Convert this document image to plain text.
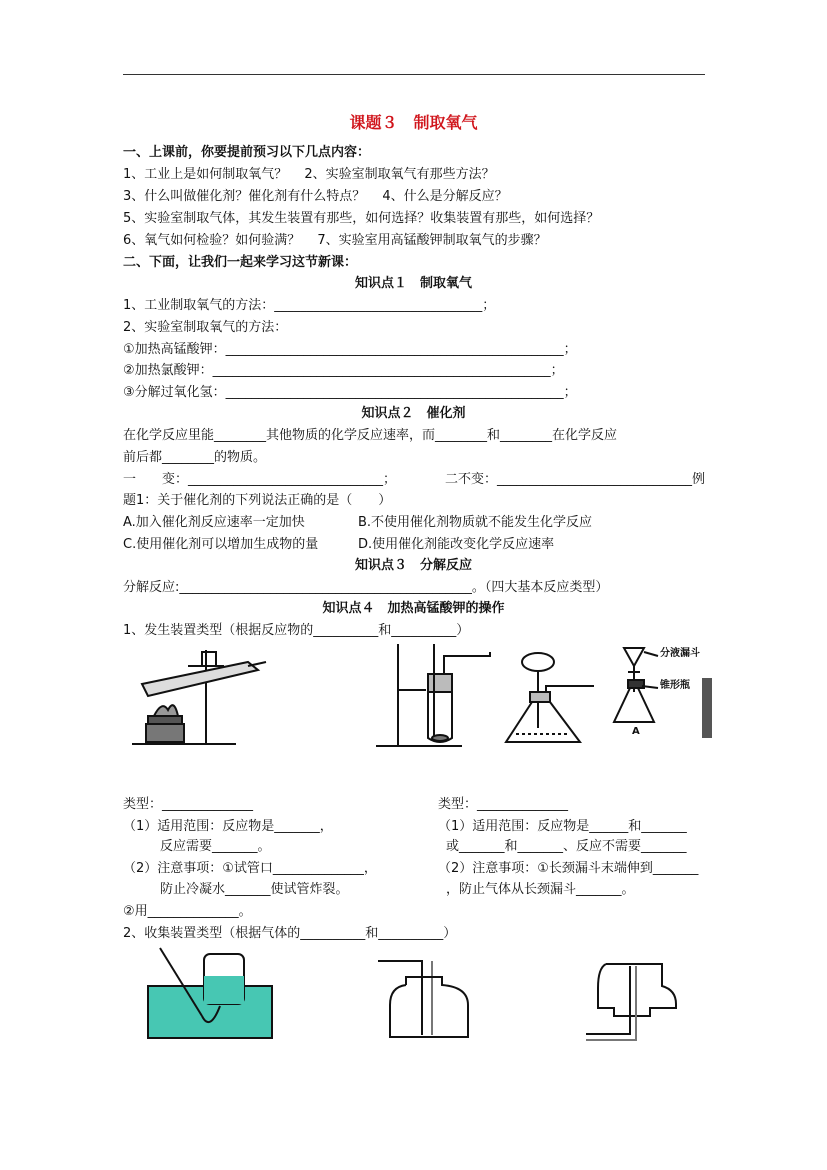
课题３　制取氧气
一、上课前，你要提前预习以下几点内容：
1、工业上是如何制取氧气？　 2、实验室制取氧气有那些方法？
3、什么叫做催化剂？催化剂有什么特点？　 4、什么是分解反应？
5、实验室制取气体，其发生装置有那些，如何选择？收集装置有那些，如何选择？
6、氧气如何检验？如何验满？　 7、实验室用高锰酸钾制取氧气的步骤？
二、下面，让我们一起来学习这节新课：
知识点１　制取氧气
1、工业制取氧气的方法：________________________________；
2、实验室制取氧气的方法：
①加热高锰酸钾：____________________________________________________；
②加热氯酸钾：____________________________________________________；
③分解过氧化氢：____________________________________________________；
知识点２　催化剂
在化学反应里能________其他物质的化学反应速率，而________和________在化学反应
前后都________的物质。
一　　变：______________________________；	二不变：______________________________例
题1：关于催化剂的下列说法正确的是（　　）
A.加入催化剂反应速率一定加快	B.不使用催化剂物质就不能发生化学反应
C.使用催化剂可以增加生成物的量	D.使用催化剂能改变化学反应速率
知识点３　分解反应
分解反应:_____________________________________________。（四大基本反应类型）
知识点４　加热高锰酸钾的操作
1、发生装置类型（根据反应物的__________和__________）
分液漏斗
锥形瓶
A
类型：______________
（1）适用范围：反应物是_______，
反应需要_______。
（2）注意事项：①试管口______________，
防止冷凝水_______使试管炸裂。
②用______________。
类型：______________
（1）适用范围：反应物是______和_______
或_______和_______、反应不需要_______
（2）注意事项：①长颈漏斗末端伸到_______
，防止气体从长颈漏斗_______。
2、收集装置类型（根据气体的__________和__________）
